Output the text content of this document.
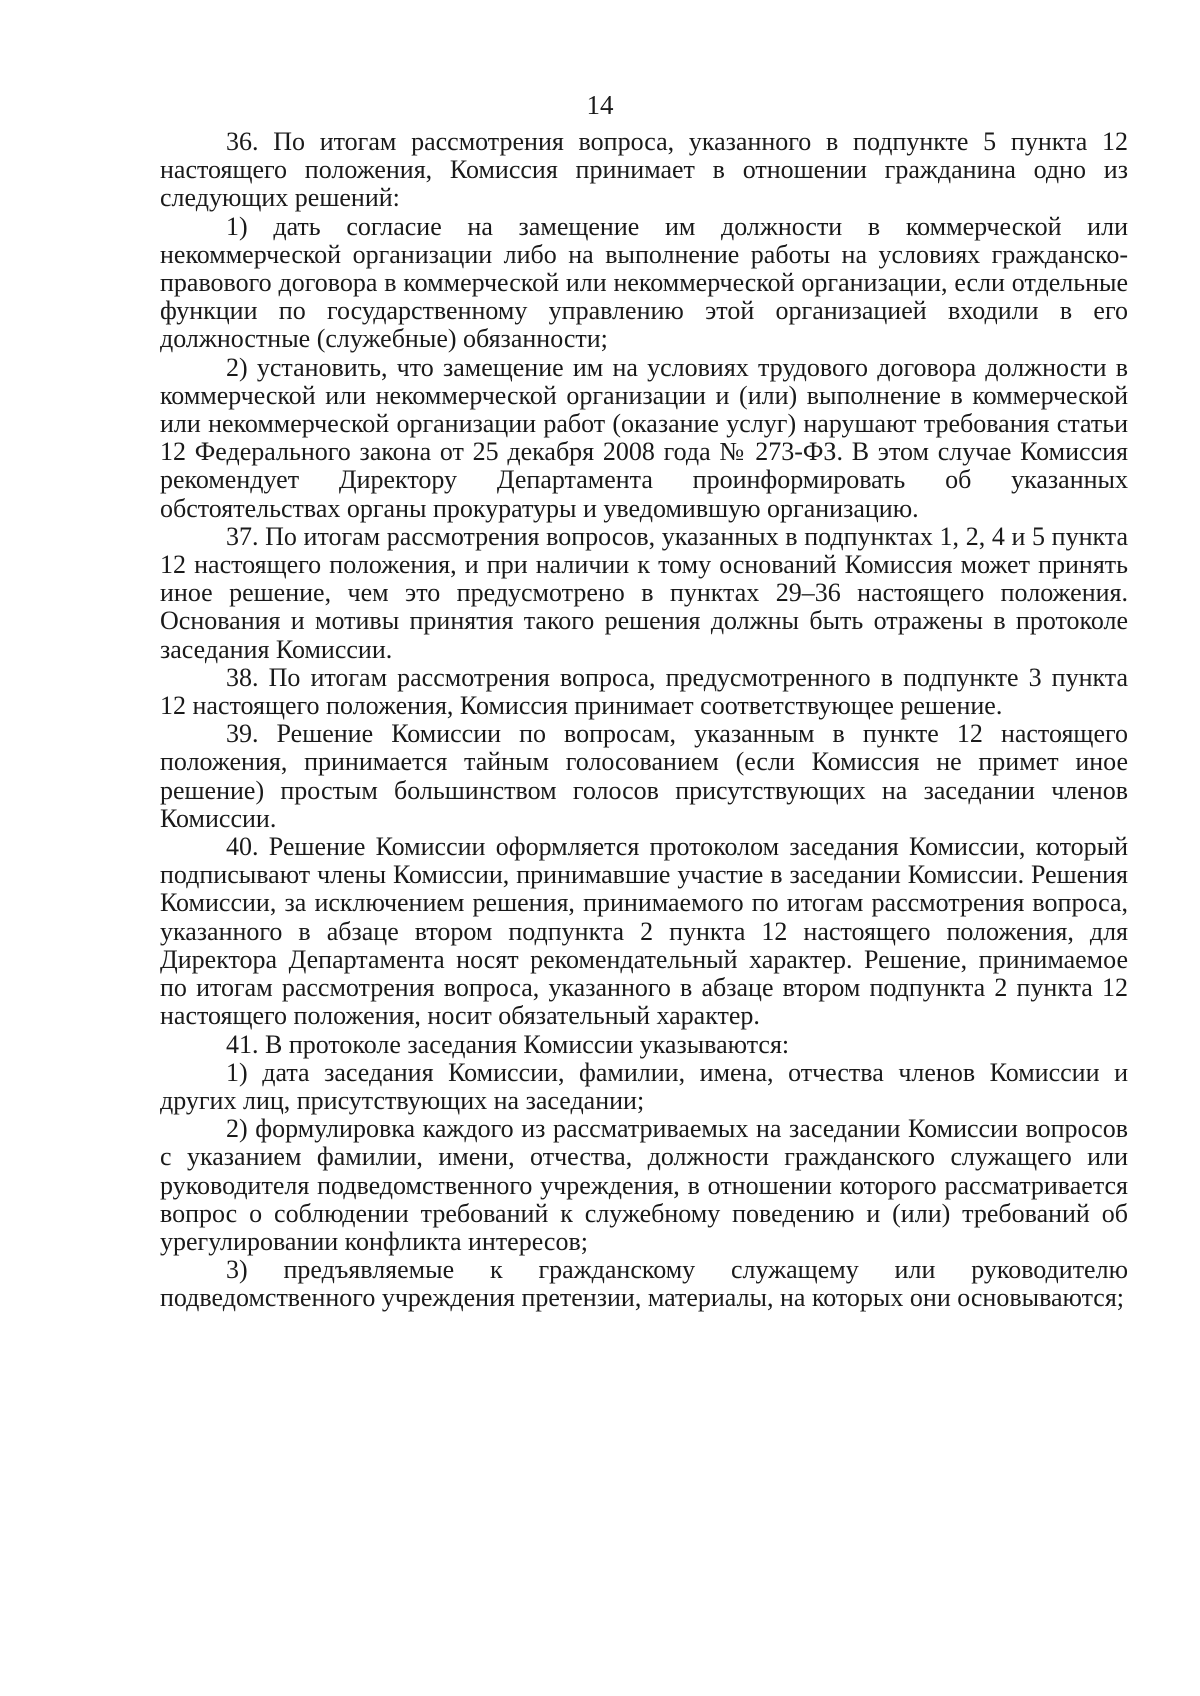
14

36. По итогам рассмотрения вопроса, указанного в подпункте 5 пункта 12 настоящего положения, Комиссия принимает в отношении гражданина одно из следующих решений:

1) дать согласие на замещение им должности в коммерческой или некоммерческой организации либо на выполнение работы на условиях гражданско-правового договора в коммерческой или некоммерческой организации, если отдельные функции по государственному управлению этой организацией входили в его должностные (служебные) обязанности;

2) установить, что замещение им на условиях трудового договора должности в коммерческой или некоммерческой организации и (или) выполнение в коммерческой или некоммерческой организации работ (оказание услуг) нарушают требования статьи 12 Федерального закона от 25 декабря 2008 года № 273-ФЗ. В этом случае Комиссия рекомендует Директору Департамента проинформировать об указанных обстоятельствах органы прокуратуры и уведомившую организацию.

37. По итогам рассмотрения вопросов, указанных в подпунктах 1, 2, 4 и 5 пункта 12 настоящего положения, и при наличии к тому оснований Комиссия может принять иное решение, чем это предусмотрено в пунктах 29–36 настоящего положения. Основания и мотивы принятия такого решения должны быть отражены в протоколе заседания Комиссии.

38. По итогам рассмотрения вопроса, предусмотренного в подпункте 3 пункта 12 настоящего положения, Комиссия принимает соответствующее решение.

39. Решение Комиссии по вопросам, указанным в пункте 12 настоящего положения, принимается тайным голосованием (если Комиссия не примет иное решение) простым большинством голосов присутствующих на заседании членов Комиссии.

40. Решение Комиссии оформляется протоколом заседания Комиссии, который подписывают члены Комиссии, принимавшие участие в заседании Комиссии. Решения Комиссии, за исключением решения, принимаемого по итогам рассмотрения вопроса, указанного в абзаце втором подпункта 2 пункта 12 настоящего положения, для Директора Департамента носят рекомендательный характер. Решение, принимаемое по итогам рассмотрения вопроса, указанного в абзаце втором подпункта 2 пункта 12 настоящего положения, носит обязательный характер.

41. В протоколе заседания Комиссии указываются:

1) дата заседания Комиссии, фамилии, имена, отчества членов Комиссии и других лиц, присутствующих на заседании;

2) формулировка каждого из рассматриваемых на заседании Комиссии вопросов с указанием фамилии, имени, отчества, должности гражданского служащего или руководителя подведомственного учреждения, в отношении которого рассматривается вопрос о соблюдении требований к служебному поведению и (или) требований об урегулировании конфликта интересов;

3) предъявляемые к гражданскому служащему или руководителю подведомственного учреждения претензии, материалы, на которых они основываются;
